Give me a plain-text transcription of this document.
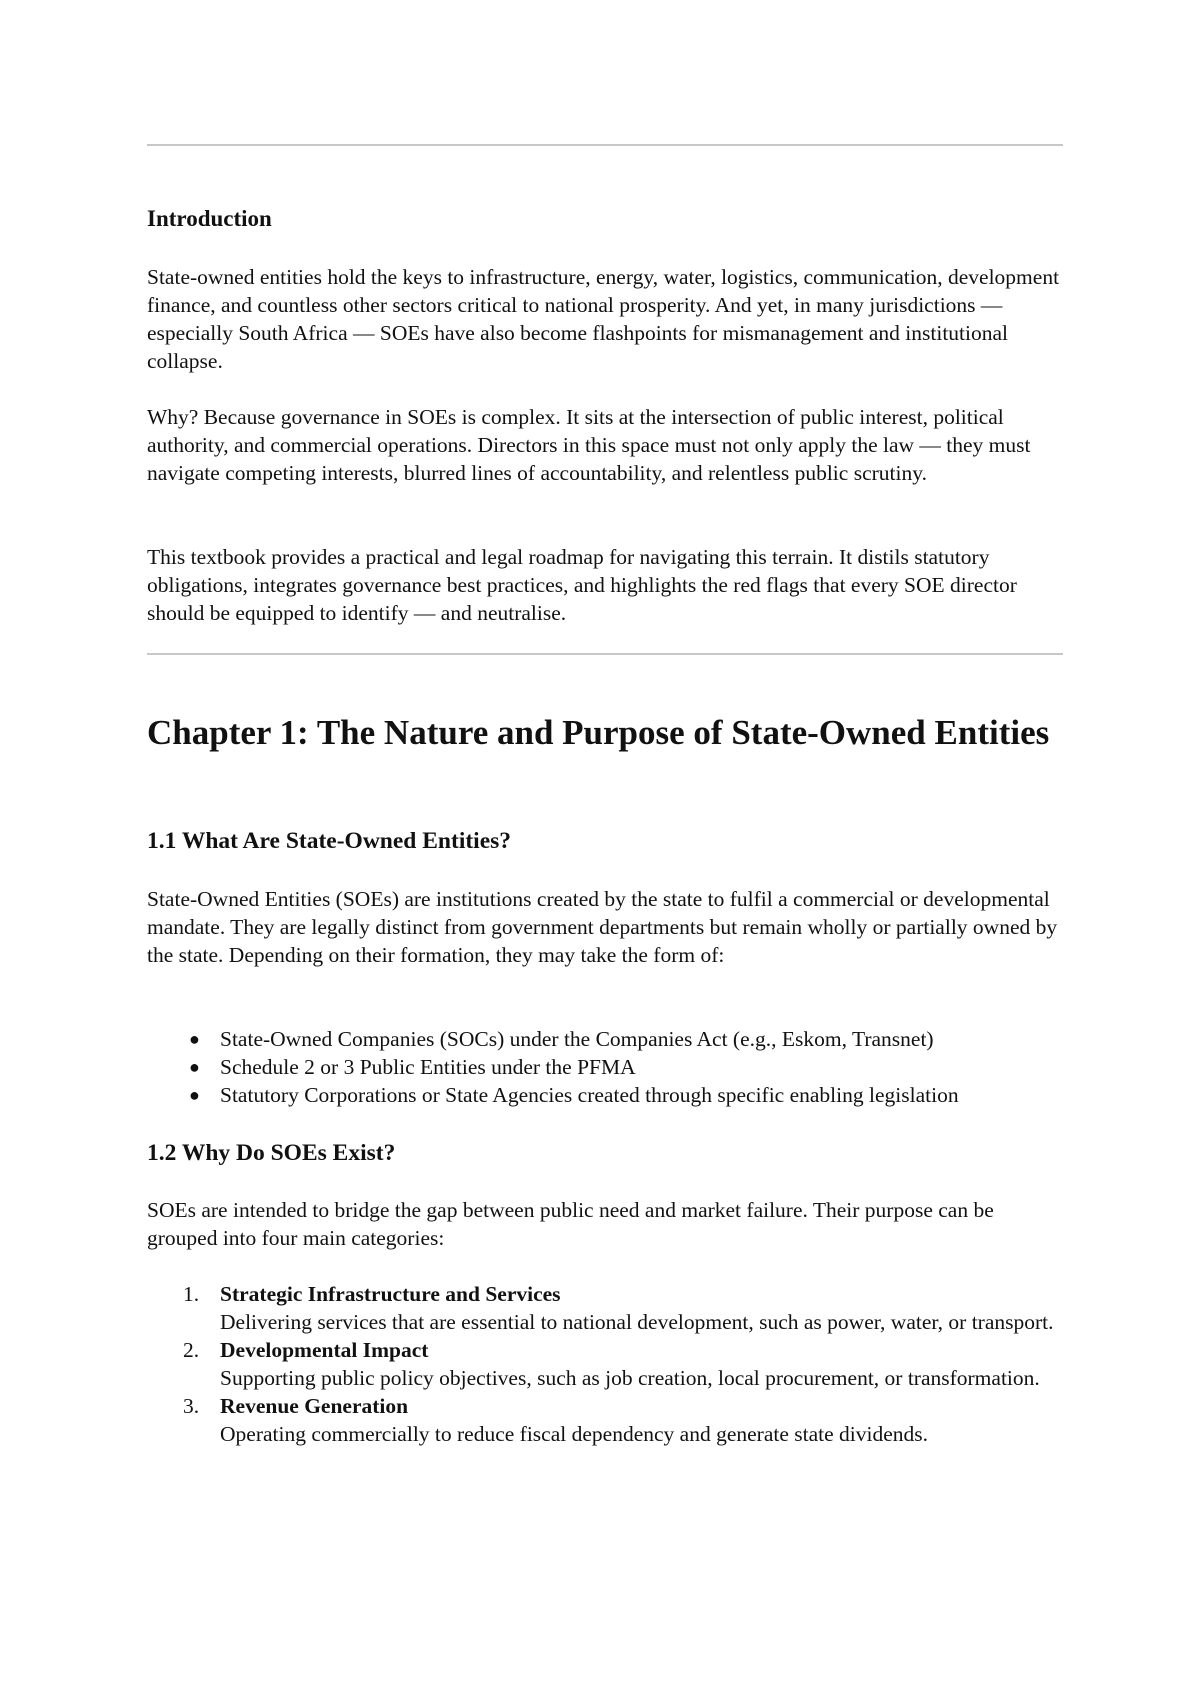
Introduction

State-owned entities hold the keys to infrastructure, energy, water, logistics, communication, development finance, and countless other sectors critical to national prosperity. And yet, in many jurisdictions — especially South Africa — SOEs have also become flashpoints for mismanagement and institutional collapse.

Why? Because governance in SOEs is complex. It sits at the intersection of public interest, political authority, and commercial operations. Directors in this space must not only apply the law — they must navigate competing interests, blurred lines of accountability, and relentless public scrutiny.

This textbook provides a practical and legal roadmap for navigating this terrain. It distils statutory obligations, integrates governance best practices, and highlights the red flags that every SOE director should be equipped to identify — and neutralise.

Chapter 1: The Nature and Purpose of State-Owned Entities
1.1 What Are State-Owned Entities?

State-Owned Entities (SOEs) are institutions created by the state to fulfil a commercial or developmental mandate. They are legally distinct from government departments but remain wholly or partially owned by the state. Depending on their formation, they may take the form of:

● State-Owned Companies (SOCs) under the Companies Act (e.g., Eskom, Transnet)
● Schedule 2 or 3 Public Entities under the PFMA
● Statutory Corporations or State Agencies created through specific enabling legislation
1.2 Why Do SOEs Exist?

SOEs are intended to bridge the gap between public need and market failure. Their purpose can be grouped into four main categories:

1. Strategic Infrastructure and Services
Delivering services that are essential to national development, such as power, water, or transport.
2. Developmental Impact
Supporting public policy objectives, such as job creation, local procurement, or transformation.
3. Revenue Generation
Operating commercially to reduce fiscal dependency and generate state dividends.
